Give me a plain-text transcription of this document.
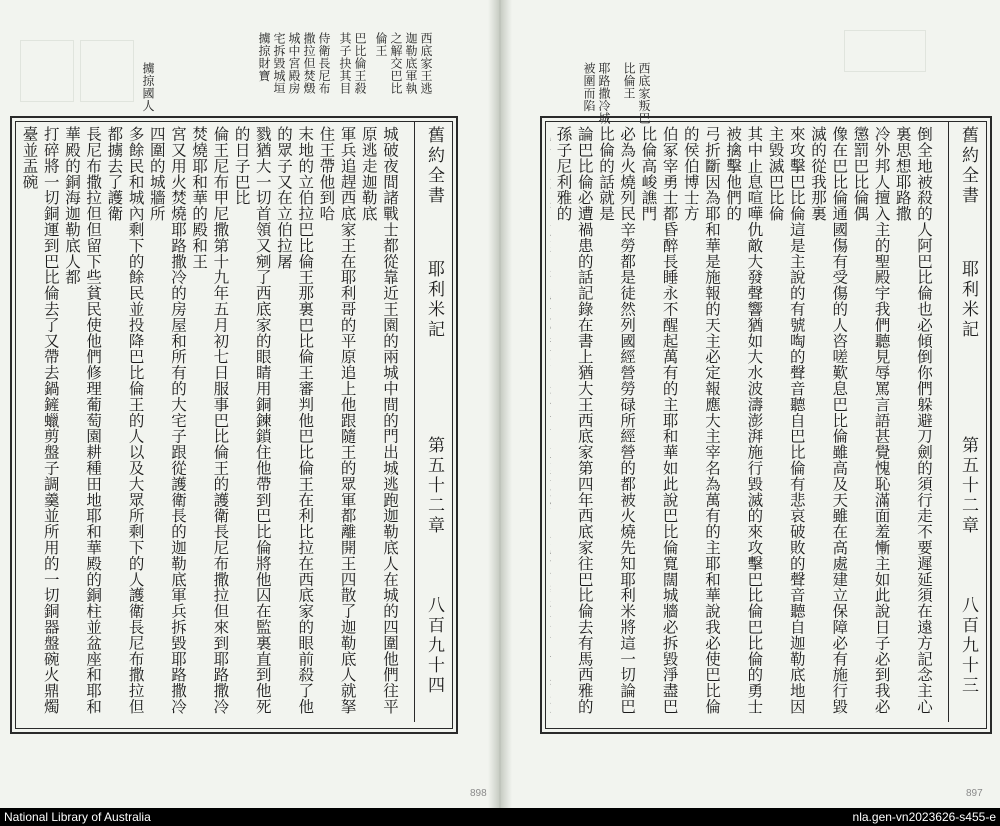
西底家王逃
迦勒底軍執
之解交巴比
倫王
巴比倫王殺
其子抉其目
侍衛長尼布
撒拉但焚燬
城中宮殿房
宅拆毀城垣
擄掠財寶
擄掠國人
舊約全書
耶利米記
第五十二章
八百九十四
城破夜間諸戰士都從靠近王園的兩城中間的門出城逃跑迦勒底人在城的四圍他們往平原逃走迦勒底
軍兵追趕西底家王在耶利哥的平原追上他跟隨王的眾軍都離開王四散了迦勒底人就拏住王帶他到哈
末地的立伯拉巴比倫王那裏巴比倫王審判他巴比倫王在利比拉在西底家的眼前殺了他的眾子又在立伯拉屠
戮猶大一切首領又剜了西底家的眼睛用銅鍊鎖住他帶到巴比倫將他囚在監裏直到他死的日子巴比
倫王尼布甲尼撒第十九年五月初七日服事巴比倫王的護衛長尼布撒拉但來到耶路撒冷焚燒耶和華的殿和王
宮又用火焚燒耶路撒冷的房屋和所有的大宅子跟從護衛長的迦勒底軍兵拆毀耶路撒冷四圍的城牆所
多餘民和城內剩下的餘民並投降巴比倫王的人以及大眾所剩下的人護衛長尼布撒拉但都擄去了護衛
長尼布撒拉但但留下些貧民使他們修理葡萄園耕種田地耶和華殿的銅柱並盆座和耶和華殿的銅海迦勒底人都
打碎將一切銅運到巴比倫去了又帶去鍋鏟蠟剪盤子調羹並所用的一切銅器盤碗火鼎燭臺並盂碗
西底家叛巴
比倫王
耶路撒冷城
被圍而陷
舊約全書
耶利米記
第五十二章
八百九十三
倒全地被殺的人阿巴比倫也必傾倒你們躲避刀劍的須行走不要遲延須在遠方記念主心裏思想耶路撒
冷外邦人擅入主的聖殿宇我們聽見辱罵言語甚覺愧恥滿面羞慚主如此說日子必到我必懲罰巴比倫偶
像在巴比倫通國傷有受傷的人咨嗟歎息巴比倫雖高及天雖在高處建立保障必有施行毀滅的從我那裏
來攻擊巴比倫這是主說的有號啕的聲音聽自巴比倫有悲哀破敗的聲音聽自迦勒底地因主毀滅巴比倫
其中止息喧嘩仇敵大發聲響猶如大水波濤澎湃施行毀滅的來攻擊巴比倫巴比倫的勇士被擒擊他們的
弓折斷因為耶和華是施報的天主必定報應大主宰名為萬有的主耶和華說我必使巴比倫的侯伯博士方
伯冢宰勇士都昏醉長睡永不醒起萬有的主耶和華如此說巴比倫寬闊城牆必拆毀淨盡巴比倫高峻譙門
必為火燒列民辛勞都是徒然列國經營勞碌所經營的都被火燒先知耶利米將這一切論巴比倫的話就是
論巴比倫必遭禍患的話記錄在書上猶大王西底家第四年西底家往巴比倫去有馬西雅的孫子尼利雅的
898	897
National Library of Australia	nla.gen-vn2023626-s455-e
